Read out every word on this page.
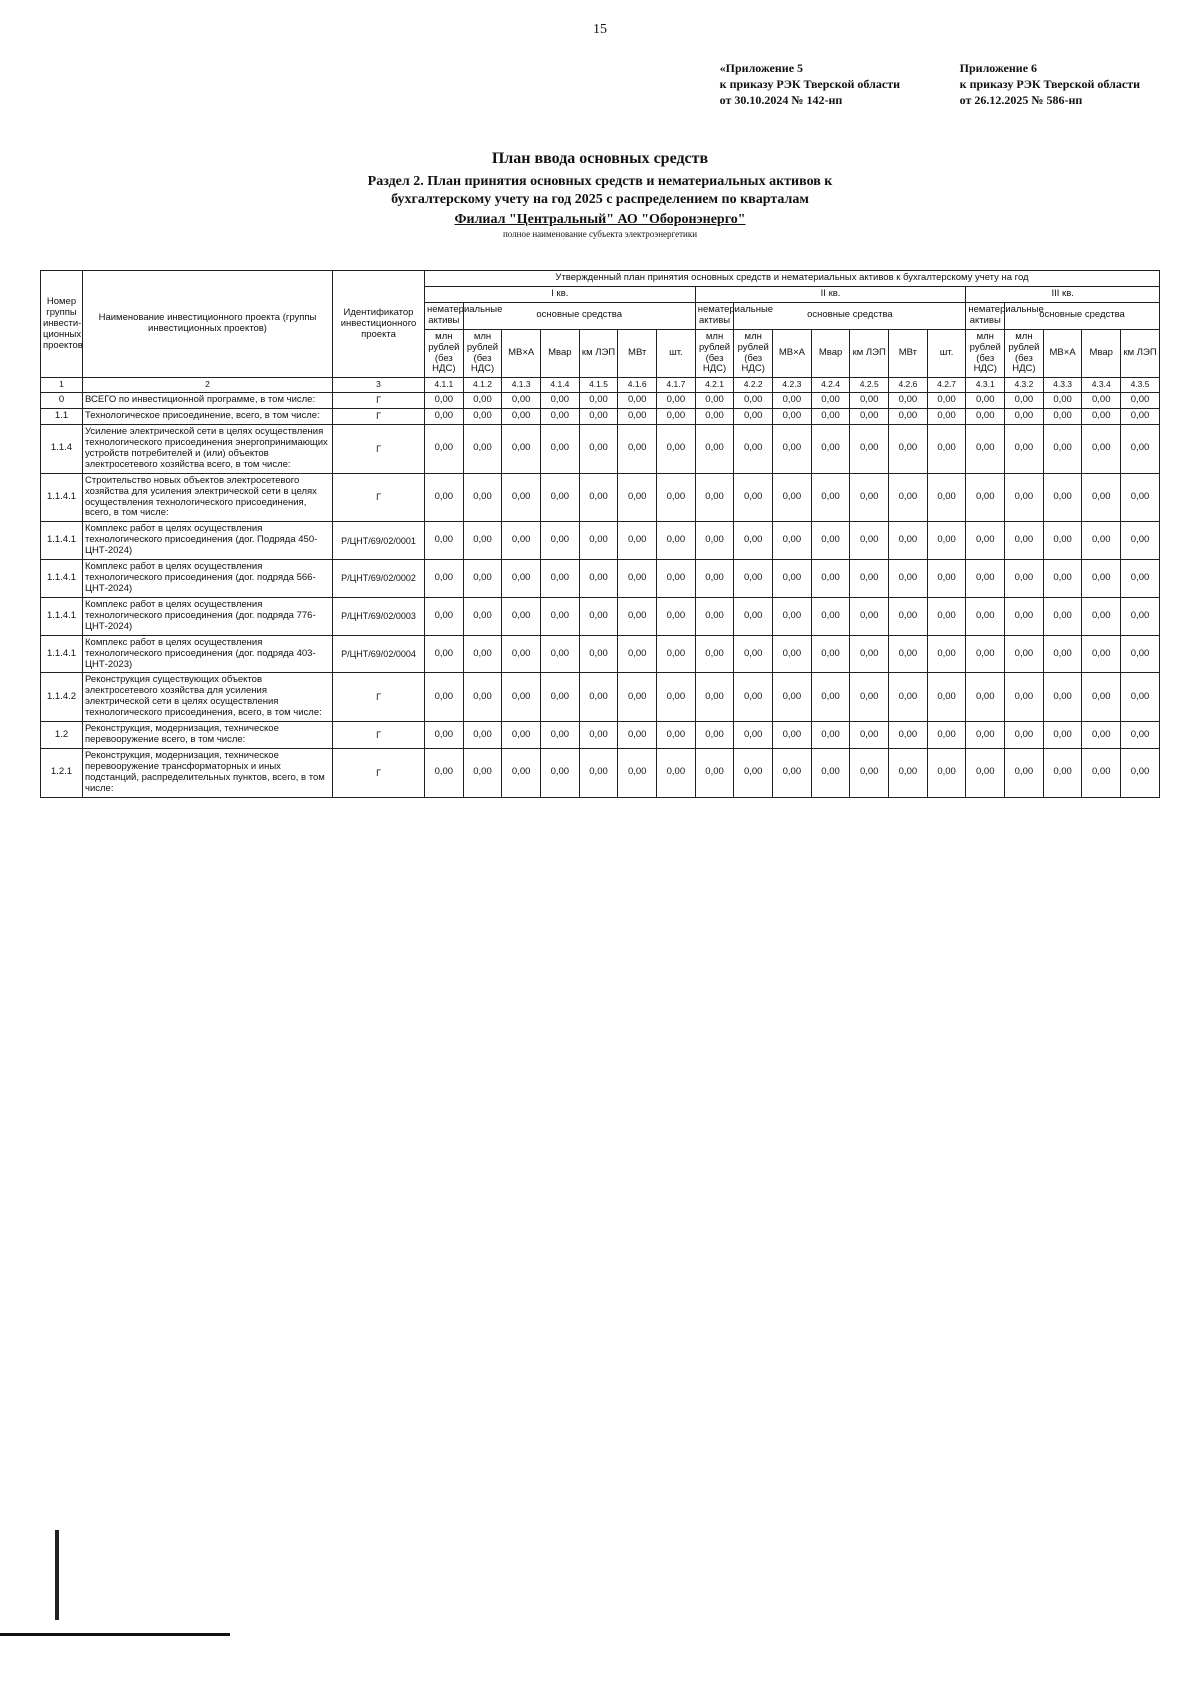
15
«Приложение 5
к приказу РЭК Тверской области
от 30.10.2024 № 142-нп
Приложение 6
к приказу РЭК Тверской области
от 26.12.2025 № 586-нп
План ввода основных средств
Раздел 2. План принятия основных средств и нематериальных активов к
бухгалтерскому учету на год 2025 с распределением по кварталам
Филиал "Центральный" АО "Оборонэнерго"
полное наименование субъекта электроэнергетики
Номер группы инвести-ционных проектов	Наименование инвестиционного проекта (группы инвестиционных проектов)	Идентификатор инвестиционного проекта	Утвержденный план принятия основных средств и нематериальных активов к бухгалтерскому учету на год																		
			I кв.							II кв.							III кв.				
			нематериальные активы	основные средства						нематериальные активы	основные средства						нематериальные активы	основные средства			
			млн рублей (без НДС)	млн рублей (без НДС)	МВ×А	Мвар	км ЛЭП	МВт	шт.	млн рублей (без НДС)	млн рублей (без НДС)	МВ×А	Мвар	км ЛЭП	МВт	шт.	млн рублей (без НДС)	млн рублей (без НДС)	МВ×А	Мвар	км ЛЭП
1	2	3	4.1.1	4.1.2	4.1.3	4.1.4	4.1.5	4.1.6	4.1.7	4.2.1	4.2.2	4.2.3	4.2.4	4.2.5	4.2.6	4.2.7	4.3.1	4.3.2	4.3.3	4.3.4	4.3.5
0	ВСЕГО по инвестиционной программе, в том числе:	Г	0,00	0,00	0,00	0,00	0,00	0,00	0,00	0,00	0,00	0,00	0,00	0,00	0,00	0,00	0,00	0,00	0,00	0,00	0,00
1.1	Технологическое присоединение, всего, в том числе:	Г	0,00	0,00	0,00	0,00	0,00	0,00	0,00	0,00	0,00	0,00	0,00	0,00	0,00	0,00	0,00	0,00	0,00	0,00	0,00
1.1.4	Усиление электрической сети в целях осуществления технологического присоединения энергопринимающих устройств потребителей и (или) объектов электросетевого хозяйства всего, в том числе:	Г	0,00	0,00	0,00	0,00	0,00	0,00	0,00	0,00	0,00	0,00	0,00	0,00	0,00	0,00	0,00	0,00	0,00	0,00	0,00
1.1.4.1	Строительство новых объектов электросетевого хозяйства для усиления электрической сети в целях осуществления технологического присоединения, всего, в том числе:	Г	0,00	0,00	0,00	0,00	0,00	0,00	0,00	0,00	0,00	0,00	0,00	0,00	0,00	0,00	0,00	0,00	0,00	0,00	0,00
1.1.4.1	Комплекс работ в целях осуществления технологического присоединения (дог. Подряда 450-ЦНТ-2024)	P/ЦНТ/69/02/0001	0,00	0,00	0,00	0,00	0,00	0,00	0,00	0,00	0,00	0,00	0,00	0,00	0,00	0,00	0,00	0,00	0,00	0,00	0,00
1.1.4.1	Комплекс работ в целях осуществления технологического присоединения (дог. подряда 566-ЦНТ-2024)	P/ЦНТ/69/02/0002	0,00	0,00	0,00	0,00	0,00	0,00	0,00	0,00	0,00	0,00	0,00	0,00	0,00	0,00	0,00	0,00	0,00	0,00	0,00
1.1.4.1	Комплекс работ в целях осуществления технологического присоединения (дог. подряда 776-ЦНТ-2024)	P/ЦНТ/69/02/0003	0,00	0,00	0,00	0,00	0,00	0,00	0,00	0,00	0,00	0,00	0,00	0,00	0,00	0,00	0,00	0,00	0,00	0,00	0,00
1.1.4.1	Комплекс работ в целях осуществления технологического присоединения (дог. подряда 403-ЦНТ-2023)	P/ЦНТ/69/02/0004	0,00	0,00	0,00	0,00	0,00	0,00	0,00	0,00	0,00	0,00	0,00	0,00	0,00	0,00	0,00	0,00	0,00	0,00	0,00
1.1.4.2	Реконструкция существующих объектов электросетевого хозяйства для усиления электрической сети в целях осуществления технологического присоединения, всего, в том числе:	Г	0,00	0,00	0,00	0,00	0,00	0,00	0,00	0,00	0,00	0,00	0,00	0,00	0,00	0,00	0,00	0,00	0,00	0,00	0,00
1.2	Реконструкция, модернизация, техническое перевооружение всего, в том числе:	Г	0,00	0,00	0,00	0,00	0,00	0,00	0,00	0,00	0,00	0,00	0,00	0,00	0,00	0,00	0,00	0,00	0,00	0,00	0,00
1.2.1	Реконструкция, модернизация, техническое перевооружение трансформаторных и иных подстанций, распределительных пунктов, всего, в том числе:	Г	0,00	0,00	0,00	0,00	0,00	0,00	0,00	0,00	0,00	0,00	0,00	0,00	0,00	0,00	0,00	0,00	0,00	0,00	0,00
